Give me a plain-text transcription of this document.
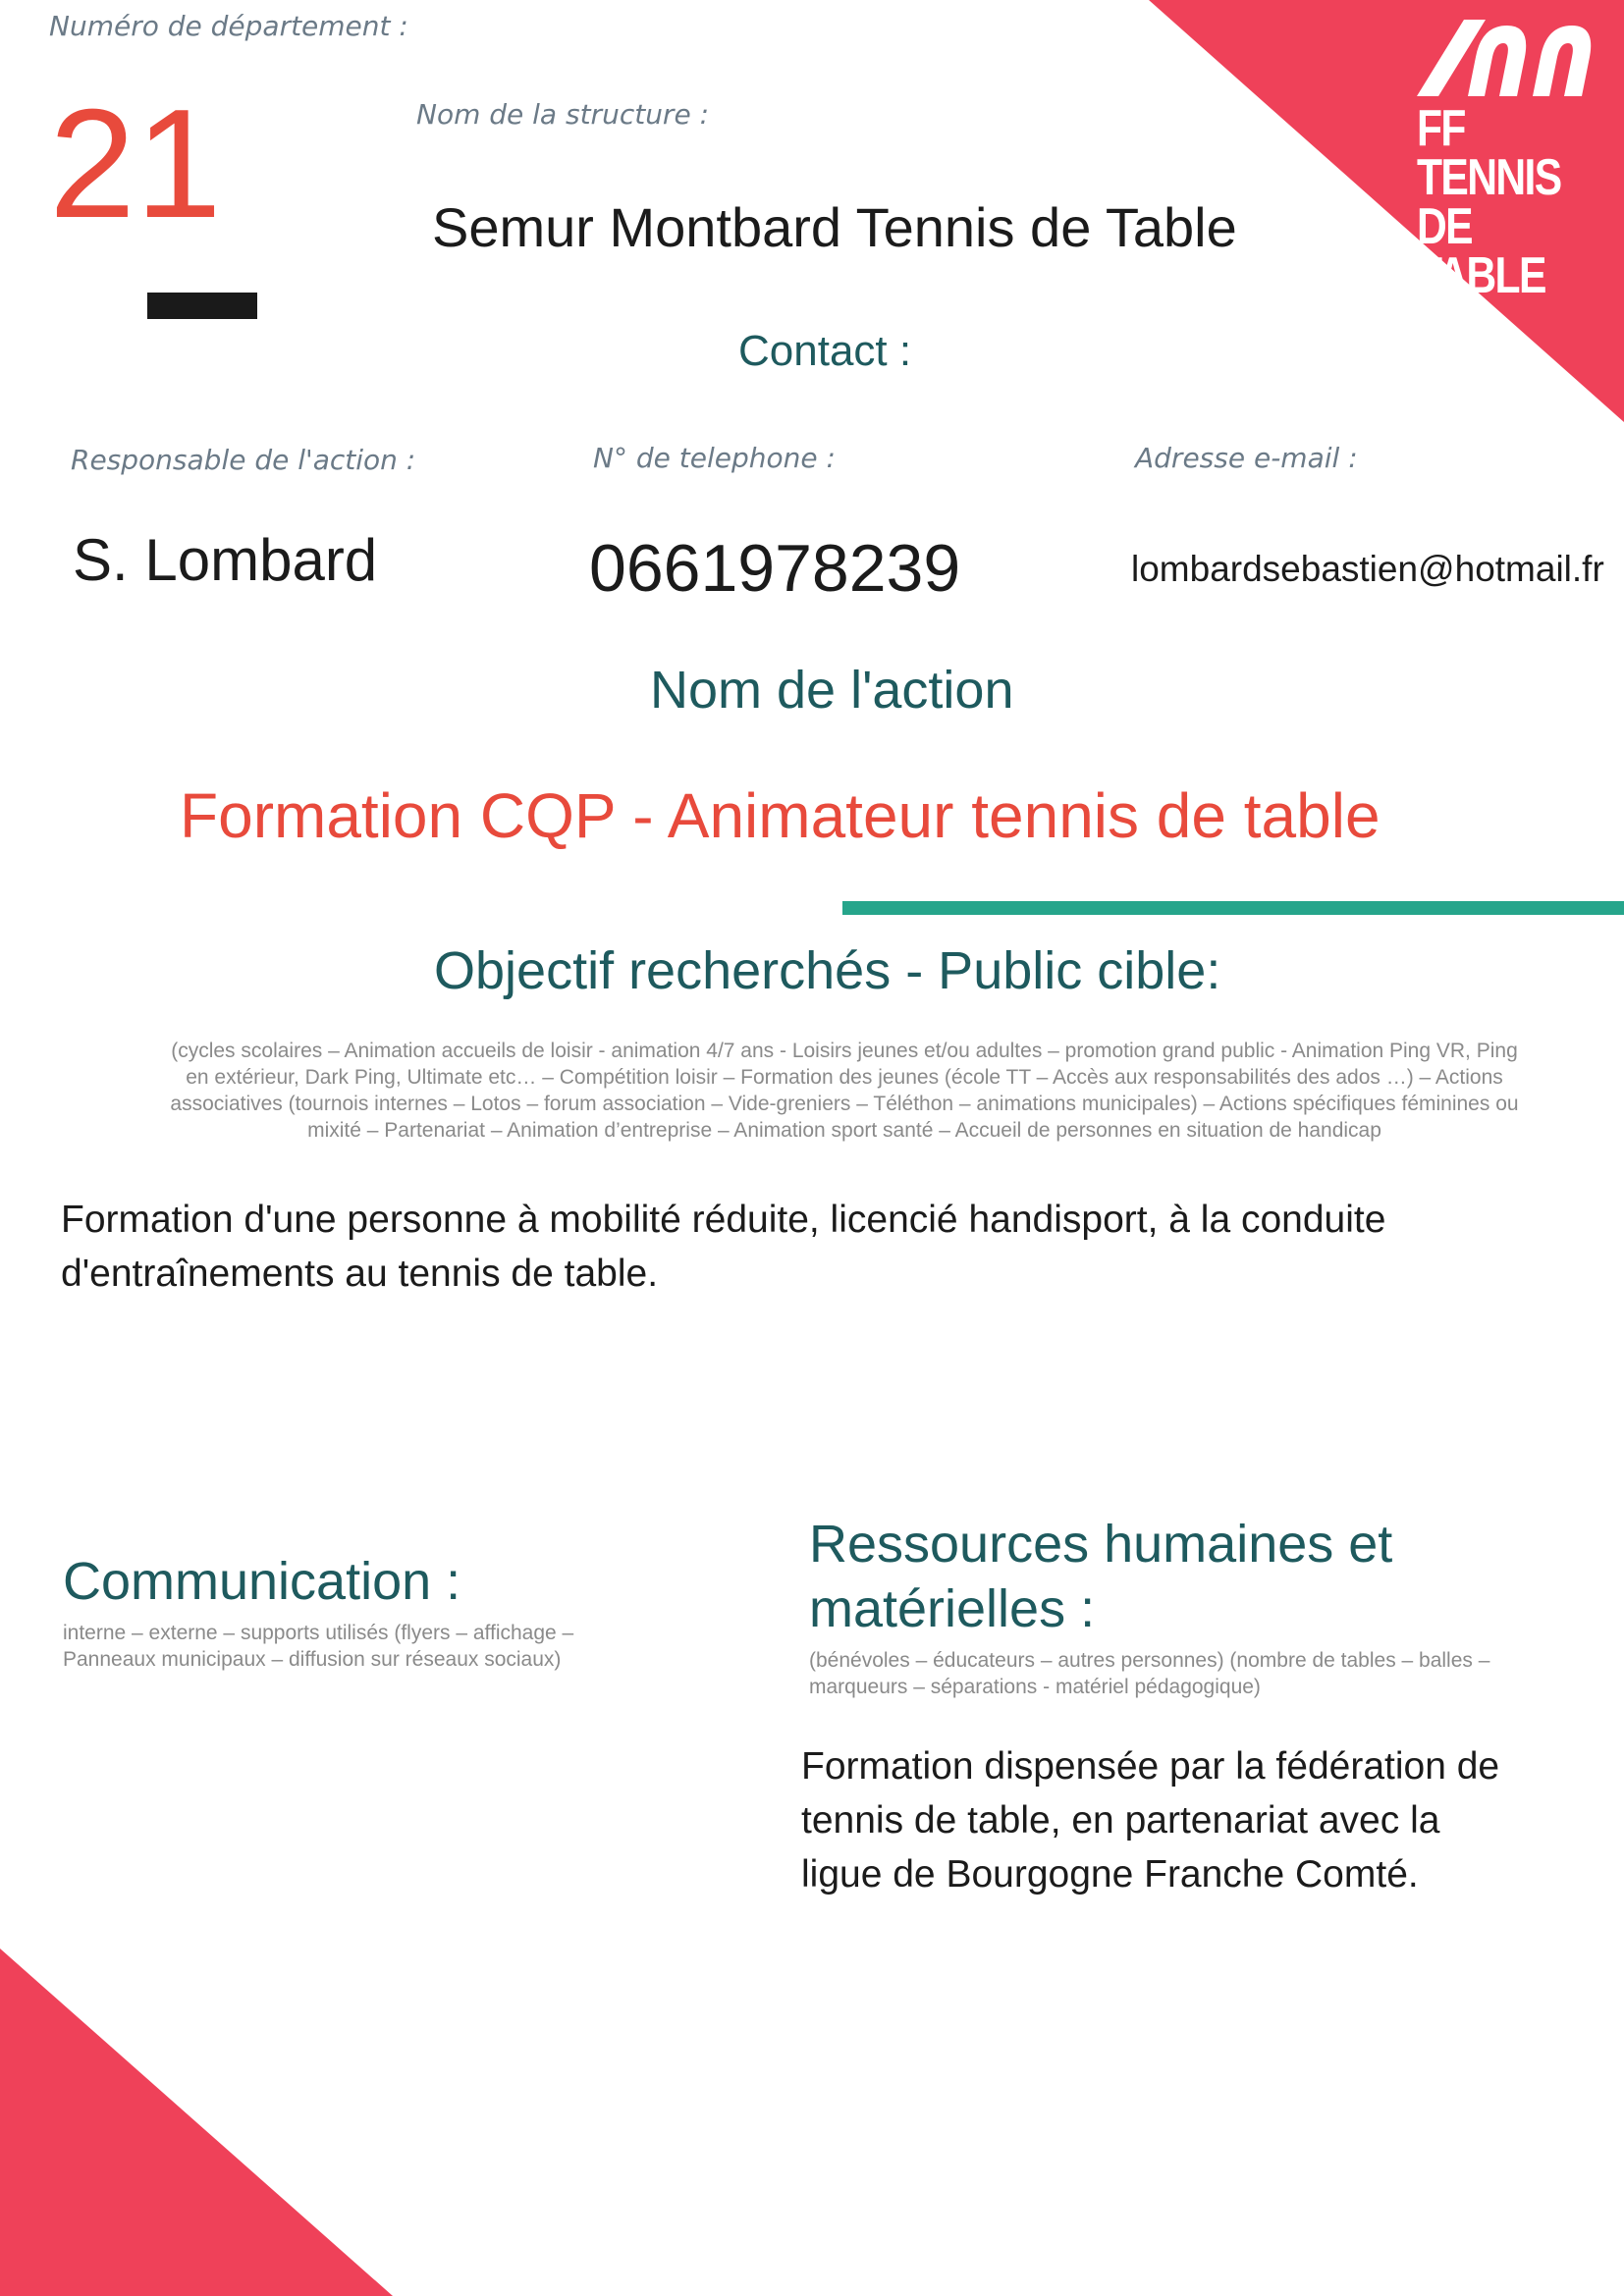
FF TENNIS
DE TABLE
Numéro de département :
21	Nom de la structure :
Semur Montbard Tennis de Table
Contact :
Responsable de l'action :
S. Lombard
N° de telephone :
0661978239
Adresse e-mail :
lombardsebastien@hotmail.fr
Nom de l'action
Formation CQP - Animateur tennis de table
Objectif recherchés - Public cible:
(cycles scolaires – Animation accueils de loisir - animation 4/7 ans - Loisirs jeunes et/ou adultes – promotion grand public - Animation Ping VR, Ping en extérieur, Dark Ping, Ultimate etc… – Compétition loisir – Formation des jeunes (école TT – Accès aux responsabilités des ados …) – Actions associatives (tournois internes – Lotos – forum association – Vide-greniers – Téléthon – animations municipales) – Actions spécifiques féminines ou mixité – Partenariat – Animation d’entreprise – Animation sport santé – Accueil de personnes en situation de handicap
Formation d'une personne à mobilité réduite, licencié handisport, à la conduite d'entraînements au tennis de table.
Communication :
interne – externe – supports utilisés (flyers – affichage – Panneaux municipaux – diffusion sur réseaux sociaux)
Ressources humaines et matérielles :
(bénévoles – éducateurs – autres personnes) (nombre de tables – balles – marqueurs – séparations - matériel pédagogique)
Formation dispensée par la fédération de tennis de table, en partenariat avec la ligue de Bourgogne Franche Comté.
